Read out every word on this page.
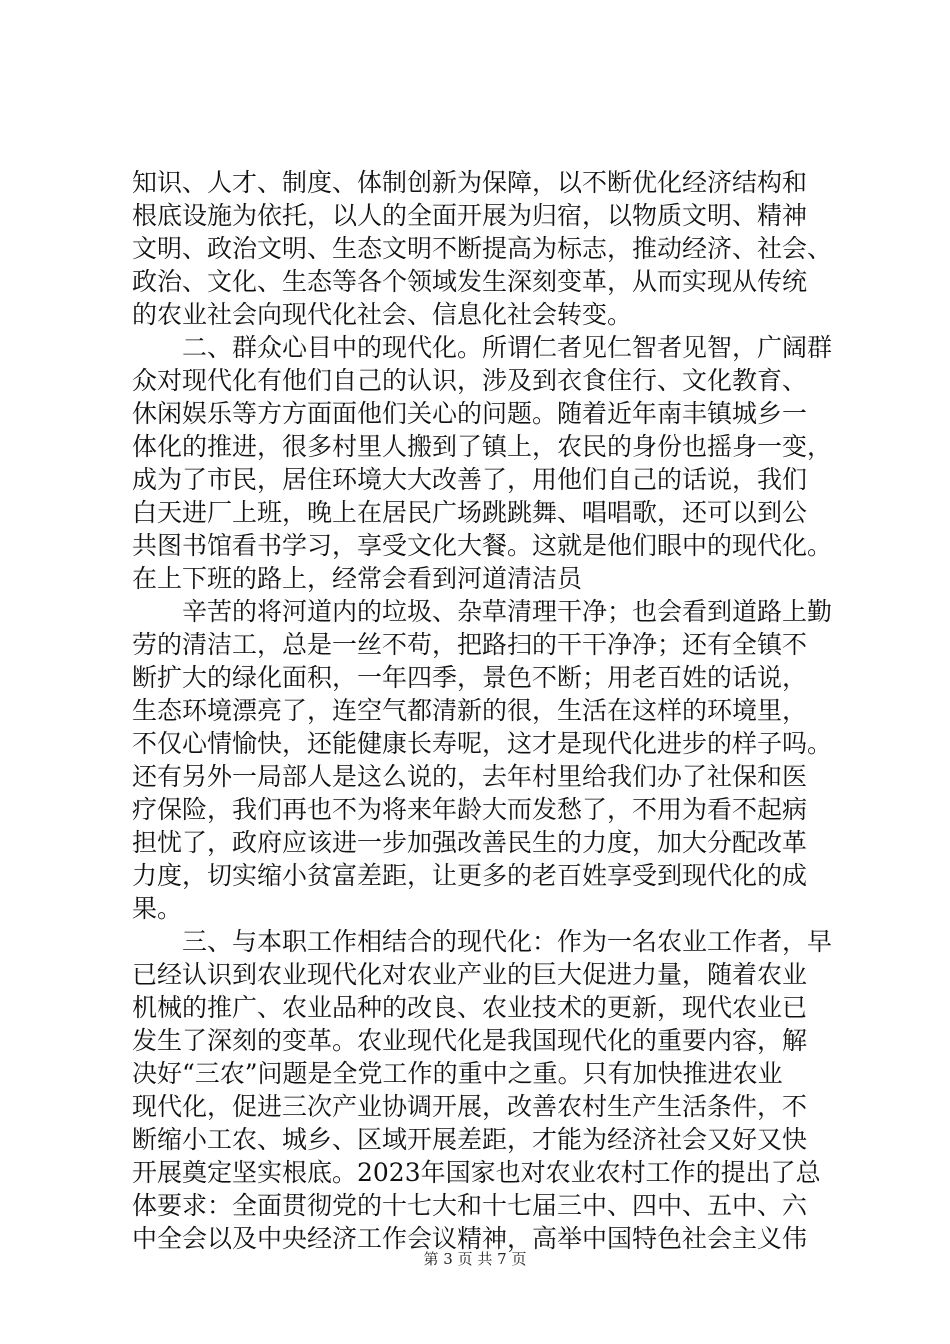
知识、人才、制度、体制创新为保障，以不断优化经济结构和
根底设施为依托，以人的全面开展为归宿，以物质文明、精神
文明、政治文明、生态文明不断提高为标志，推动经济、社会、
政治、文化、生态等各个领域发生深刻变革，从而实现从传统
的农业社会向现代化社会、信息化社会转变。
二、群众心目中的现代化。所谓仁者见仁智者见智，广阔群
众对现代化有他们自己的认识，涉及到衣食住行、文化教育、
休闲娱乐等方方面面他们关心的问题。随着近年南丰镇城乡一
体化的推进，很多村里人搬到了镇上，农民的身份也摇身一变，
成为了市民，居住环境大大改善了，用他们自己的话说，我们
白天进厂上班，晚上在居民广场跳跳舞、唱唱歌，还可以到公
共图书馆看书学习，享受文化大餐。这就是他们眼中的现代化。
在上下班的路上，经常会看到河道清洁员
辛苦的将河道内的垃圾、杂草清理干净；也会看到道路上勤
劳的清洁工，总是一丝不苟，把路扫的干干净净；还有全镇不
断扩大的绿化面积，一年四季，景色不断；用老百姓的话说，
生态环境漂亮了，连空气都清新的很，生活在这样的环境里，
不仅心情愉快，还能健康长寿呢，这才是现代化进步的样子吗。
还有另外一局部人是这么说的，去年村里给我们办了社保和医
疗保险，我们再也不为将来年龄大而发愁了，不用为看不起病
担忧了，政府应该进一步加强改善民生的力度，加大分配改革
力度，切实缩小贫富差距，让更多的老百姓享受到现代化的成
果。
三、与本职工作相结合的现代化：作为一名农业工作者，早
已经认识到农业现代化对农业产业的巨大促进力量，随着农业
机械的推广、农业品种的改良、农业技术的更新，现代农业已
发生了深刻的变革。农业现代化是我国现代化的重要内容，解
决好“三农”问题是全党工作的重中之重。只有加快推进农业
现代化，促进三次产业协调开展，改善农村生产生活条件，不
断缩小工农、城乡、区域开展差距，才能为经济社会又好又快
开展奠定坚实根底。2023年国家也对农业农村工作的提出了总
体要求：全面贯彻党的十七大和十七届三中、四中、五中、六
中全会以及中央经济工作会议精神，高举中国特色社会主义伟
第 3 页 共 7 页
